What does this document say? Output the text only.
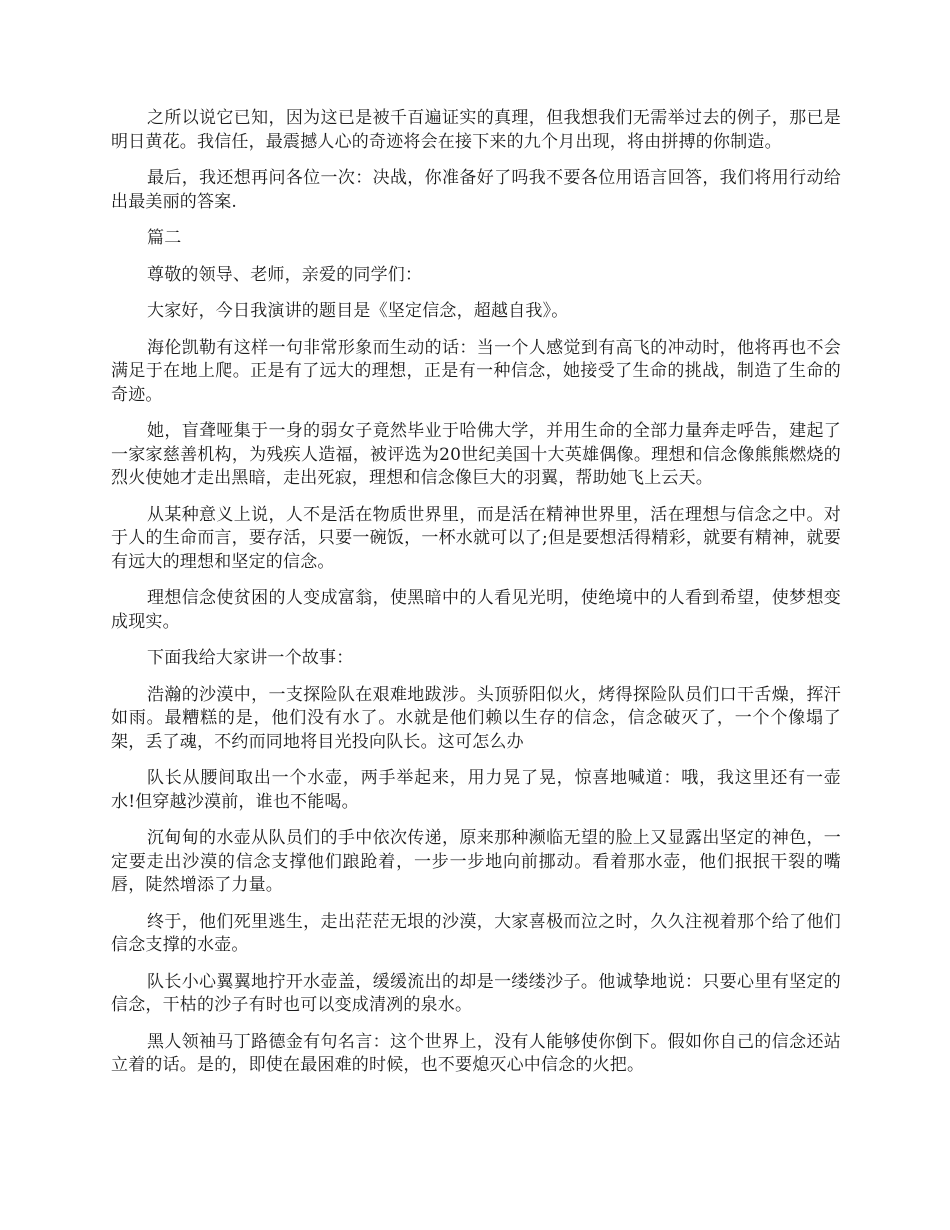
之所以说它已知，因为这已是被千百遍证实的真理，但我想我们无需举过去的例子，那已是明日黄花。我信任，最震撼人心的奇迹将会在接下来的九个月出现，将由拼搏的你制造。

最后，我还想再问各位一次：决战，你准备好了吗我不要各位用语言回答，我们将用行动给出最美丽的答案.

篇二

尊敬的领导、老师，亲爱的同学们：

大家好，今日我演讲的题目是《坚定信念，超越自我》。

海伦凯勒有这样一句非常形象而生动的话：当一个人感觉到有高飞的冲动时，他将再也不会满足于在地上爬。正是有了远大的理想，正是有一种信念，她接受了生命的挑战，制造了生命的奇迹。

她，盲聋哑集于一身的弱女子竟然毕业于哈佛大学，并用生命的全部力量奔走呼告，建起了一家家慈善机构，为残疾人造福，被评选为20世纪美国十大英雄偶像。理想和信念像熊熊燃烧的烈火使她才走出黑暗，走出死寂，理想和信念像巨大的羽翼，帮助她飞上云天。

从某种意义上说，人不是活在物质世界里，而是活在精神世界里，活在理想与信念之中。对于人的生命而言，要存活，只要一碗饭，一杯水就可以了;但是要想活得精彩，就要有精神，就要有远大的理想和坚定的信念。

理想信念使贫困的人变成富翁，使黑暗中的人看见光明，使绝境中的人看到希望，使梦想变成现实。

下面我给大家讲一个故事：

浩瀚的沙漠中，一支探险队在艰难地跋涉。头顶骄阳似火，烤得探险队员们口干舌燥，挥汗如雨。最糟糕的是，他们没有水了。水就是他们赖以生存的信念，信念破灭了，一个个像塌了架，丢了魂，不约而同地将目光投向队长。这可怎么办

队长从腰间取出一个水壶，两手举起来，用力晃了晃，惊喜地喊道：哦，我这里还有一壶水!但穿越沙漠前，谁也不能喝。

沉甸甸的水壶从队员们的手中依次传递，原来那种濒临无望的脸上又显露出坚定的神色，一定要走出沙漠的信念支撑他们踉跄着，一步一步地向前挪动。看着那水壶，他们抿抿干裂的嘴唇，陡然增添了力量。

终于，他们死里逃生，走出茫茫无垠的沙漠，大家喜极而泣之时，久久注视着那个给了他们信念支撑的水壶。

队长小心翼翼地拧开水壶盖，缓缓流出的却是一缕缕沙子。他诚挚地说：只要心里有坚定的信念，干枯的沙子有时也可以变成清冽的泉水。

黑人领袖马丁路德金有句名言：这个世界上，没有人能够使你倒下。假如你自己的信念还站立着的话。是的，即使在最困难的时候，也不要熄灭心中信念的火把。
